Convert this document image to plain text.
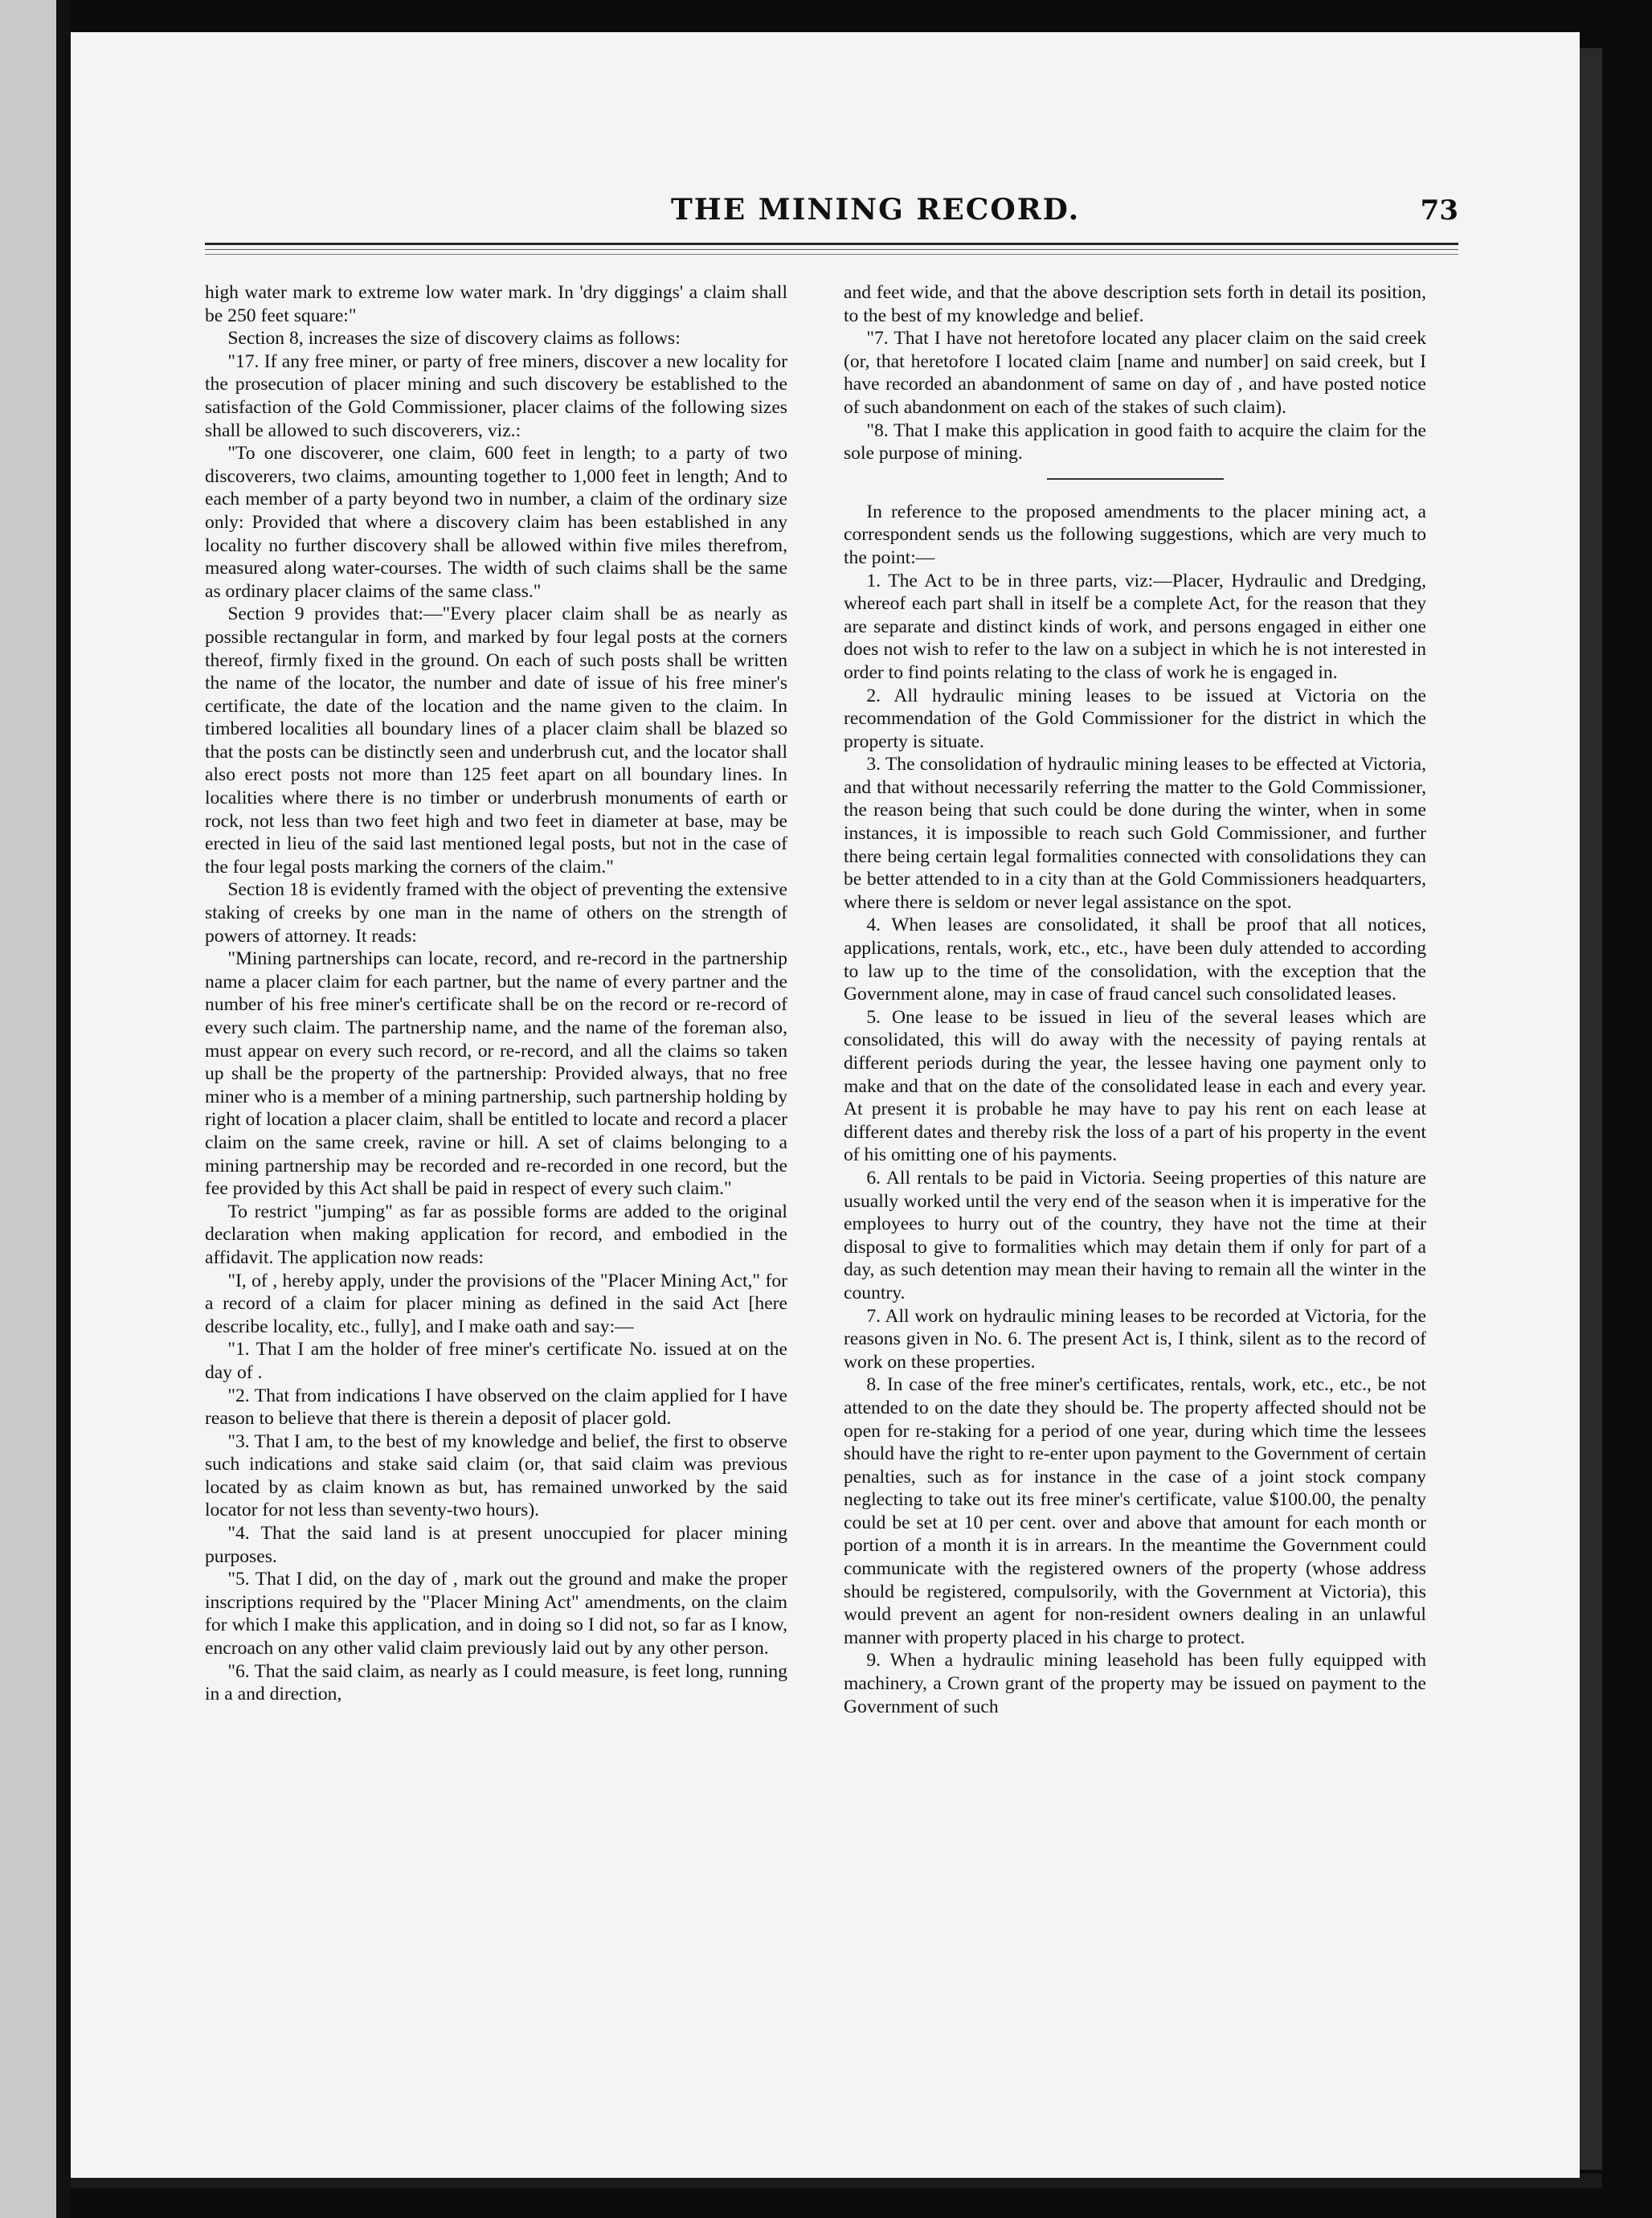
THE MINING RECORD.	73

high water mark to extreme low water mark. In 'dry diggings' a claim shall be 250 feet square:"

Section 8, increases the size of discovery claims as follows:

"17. If any free miner, or party of free miners, discover a new locality for the prosecution of placer mining and such discovery be established to the satisfaction of the Gold Commissioner, placer claims of the following sizes shall be allowed to such discoverers, viz.:

"To one discoverer, one claim, 600 feet in length; to a party of two discoverers, two claims, amounting together to 1,000 feet in length; And to each member of a party beyond two in number, a claim of the ordinary size only: Provided that where a discovery claim has been established in any locality no further discovery shall be allowed within five miles therefrom, measured along water-courses. The width of such claims shall be the same as ordinary placer claims of the same class."

Section 9 provides that:—"Every placer claim shall be as nearly as possible rectangular in form, and marked by four legal posts at the corners thereof, firmly fixed in the ground. On each of such posts shall be written the name of the locator, the number and date of issue of his free miner's certificate, the date of the location and the name given to the claim. In timbered localities all boundary lines of a placer claim shall be blazed so that the posts can be distinctly seen and underbrush cut, and the locator shall also erect posts not more than 125 feet apart on all boundary lines. In localities where there is no timber or underbrush monuments of earth or rock, not less than two feet high and two feet in diameter at base, may be erected in lieu of the said last mentioned legal posts, but not in the case of the four legal posts marking the corners of the claim."

Section 18 is evidently framed with the object of preventing the extensive staking of creeks by one man in the name of others on the strength of powers of attorney. It reads:

"Mining partnerships can locate, record, and re-record in the partnership name a placer claim for each partner, but the name of every partner and the number of his free miner's certificate shall be on the record or re-record of every such claim. The partnership name, and the name of the foreman also, must appear on every such record, or re-record, and all the claims so taken up shall be the property of the partnership: Provided always, that no free miner who is a member of a mining partnership, such partnership holding by right of location a placer claim, shall be entitled to locate and record a placer claim on the same creek, ravine or hill. A set of claims belonging to a mining partnership may be recorded and re-recorded in one record, but the fee provided by this Act shall be paid in respect of every such claim."

To restrict "jumping" as far as possible forms are added to the original declaration when making application for record, and embodied in the affidavit. The application now reads:

"I, of , hereby apply, under the provisions of the "Placer Mining Act," for a record of a claim for placer mining as defined in the said Act [here describe locality, etc., fully], and I make oath and say:—

"1. That I am the holder of free miner's certificate No. issued at on the day of .

"2. That from indications I have observed on the claim applied for I have reason to believe that there is therein a deposit of placer gold.

"3. That I am, to the best of my knowledge and belief, the first to observe such indications and stake said claim (or, that said claim was previous located by as claim known as but, has remained unworked by the said locator for not less than seventy-two hours).

"4. That the said land is at present unoccupied for placer mining purposes.

"5. That I did, on the day of , mark out the ground and make the proper inscriptions required by the "Placer Mining Act" amendments, on the claim for which I make this application, and in doing so I did not, so far as I know, encroach on any other valid claim previously laid out by any other person.

"6. That the said claim, as nearly as I could measure, is feet long, running in a and direction,

and feet wide, and that the above description sets forth in detail its position, to the best of my knowledge and belief.

"7. That I have not heretofore located any placer claim on the said creek (or, that heretofore I located claim [name and number] on said creek, but I have recorded an abandonment of same on day of , and have posted notice of such abandonment on each of the stakes of such claim).

"8. That I make this application in good faith to acquire the claim for the sole purpose of mining.

In reference to the proposed amendments to the placer mining act, a correspondent sends us the following suggestions, which are very much to the point:—

1. The Act to be in three parts, viz:—Placer, Hydraulic and Dredging, whereof each part shall in itself be a complete Act, for the reason that they are separate and distinct kinds of work, and persons engaged in either one does not wish to refer to the law on a subject in which he is not interested in order to find points relating to the class of work he is engaged in.

2. All hydraulic mining leases to be issued at Victoria on the recommendation of the Gold Commissioner for the district in which the property is situate.

3. The consolidation of hydraulic mining leases to be effected at Victoria, and that without necessarily referring the matter to the Gold Commissioner, the reason being that such could be done during the winter, when in some instances, it is impossible to reach such Gold Commissioner, and further there being certain legal formalities connected with consolidations they can be better attended to in a city than at the Gold Commissioners headquarters, where there is seldom or never legal assistance on the spot.

4. When leases are consolidated, it shall be proof that all notices, applications, rentals, work, etc., etc., have been duly attended to according to law up to the time of the consolidation, with the exception that the Government alone, may in case of fraud cancel such consolidated leases.

5. One lease to be issued in lieu of the several leases which are consolidated, this will do away with the necessity of paying rentals at different periods during the year, the lessee having one payment only to make and that on the date of the consolidated lease in each and every year. At present it is probable he may have to pay his rent on each lease at different dates and thereby risk the loss of a part of his property in the event of his omitting one of his payments.

6. All rentals to be paid in Victoria. Seeing properties of this nature are usually worked until the very end of the season when it is imperative for the employees to hurry out of the country, they have not the time at their disposal to give to formalities which may detain them if only for part of a day, as such detention may mean their having to remain all the winter in the country.

7. All work on hydraulic mining leases to be recorded at Victoria, for the reasons given in No. 6. The present Act is, I think, silent as to the record of work on these properties.

8. In case of the free miner's certificates, rentals, work, etc., etc., be not attended to on the date they should be. The property affected should not be open for re-staking for a period of one year, during which time the lessees should have the right to re-enter upon payment to the Government of certain penalties, such as for instance in the case of a joint stock company neglecting to take out its free miner's certificate, value $100.00, the penalty could be set at 10 per cent. over and above that amount for each month or portion of a month it is in arrears. In the meantime the Government could communicate with the registered owners of the property (whose address should be registered, compulsorily, with the Government at Victoria), this would prevent an agent for non-resident owners dealing in an unlawful manner with property placed in his charge to protect.

9. When a hydraulic mining leasehold has been fully equipped with machinery, a Crown grant of the property may be issued on payment to the Government of such
